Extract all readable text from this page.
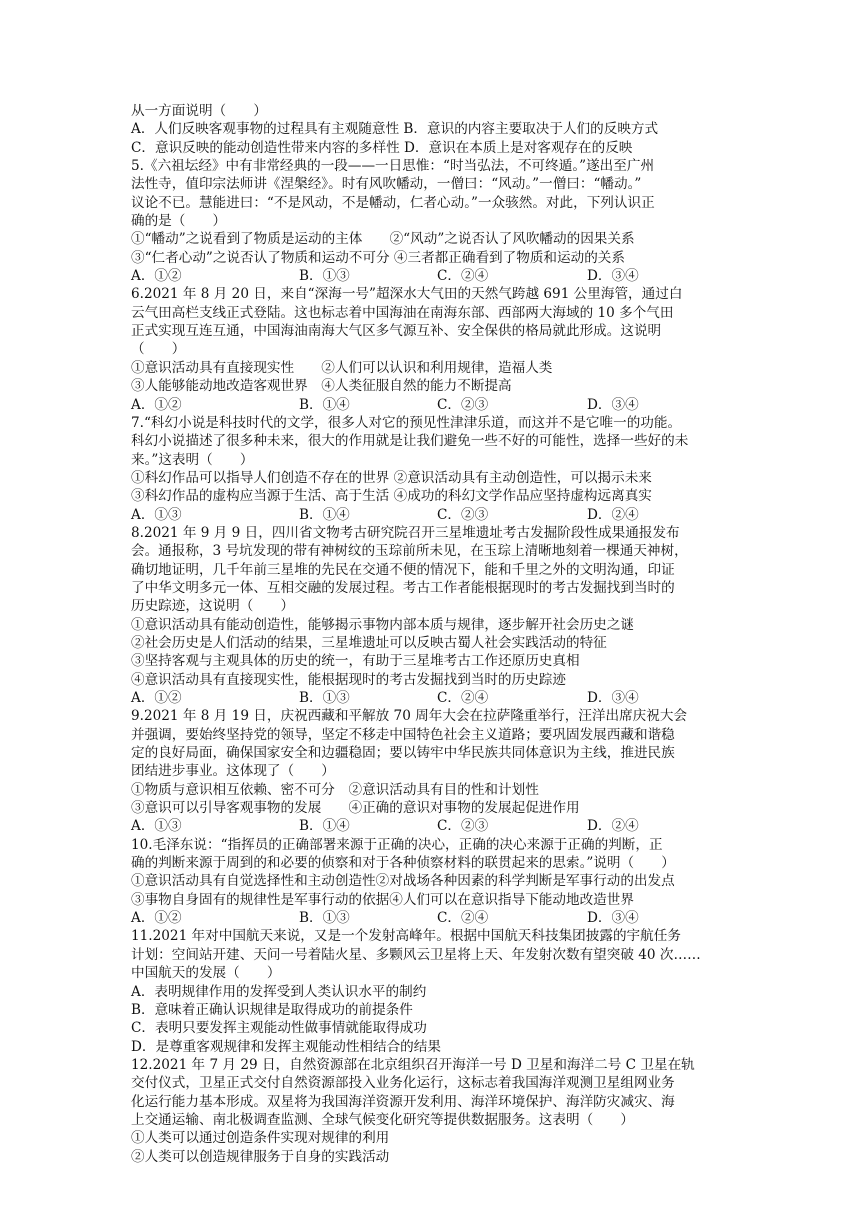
从一方面说明（　　）
A．人们反映客观事物的过程具有主观随意性 B．意识的内容主要取决于人们的反映方式
C．意识反映的能动创造性带来内容的多样性 D．意识在本质上是对客观存在的反映
5.《六祖坛经》中有非常经典的一段——一日思惟：“时当弘法，不可终遁。”遂出至广州
法性寺，值印宗法师讲《涅槃经》。时有风吹幡动，一僧曰：“风动。”一僧曰：“幡动。”
议论不已。慧能进曰：“不是风动，不是幡动，仁者心动。”一众骇然。对此，下列认识正
确的是（　　）
①“幡动”之说看到了物质是运动的主体　　②“风动”之说否认了风吹幡动的因果关系
③“仁者心动”之说否认了物质和运动不可分 ④三者都正确看到了物质和运动的关系
A．①②	B．①③	C．②④	D．③④
6.2021 年 8 月 20 日，来自“深海一号”超深水大气田的天然气跨越 691 公里海管，通过白
云气田高栏支线正式登陆。这也标志着中国海油在南海东部、西部两大海域的 10 多个气田
正式实现互连互通，中国海油南海大气区多气源互补、安全保供的格局就此形成。这说明
（　　）
①意识活动具有直接现实性　　②人们可以认识和利用规律，造福人类
③人能够能动地改造客观世界　④人类征服自然的能力不断提高
A．①②	B．①④	C．②③	D．③④
7.“科幻小说是科技时代的文学，很多人对它的预见性津津乐道，而这并不是它唯一的功能。
科幻小说描述了很多种未来，很大的作用就是让我们避免一些不好的可能性，选择一些好的未
来。”这表明（　　）
①科幻作品可以指导人们创造不存在的世界 ②意识活动具有主动创造性，可以揭示未来
③科幻作品的虚构应当源于生活、高于生活 ④成功的科幻文学作品应坚持虚构远离真实
A．①③	B．①④	C．②③	D．②④
8.2021 年 9 月 9 日，四川省文物考古研究院召开三星堆遗址考古发掘阶段性成果通报发布
会。通报称，3 号坑发现的带有神树纹的玉琮前所未见，在玉琮上清晰地刻着一棵通天神树，
确切地证明，几千年前三星堆的先民在交通不便的情况下，能和千里之外的文明沟通，印证
了中华文明多元一体、互相交融的发展过程。考古工作者能根据现时的考古发掘找到当时的
历史踪迹，这说明（　　）
①意识活动具有能动创造性，能够揭示事物内部本质与规律，逐步解开社会历史之谜
②社会历史是人们活动的结果，三星堆遗址可以反映古蜀人社会实践活动的特征
③坚持客观与主观具体的历史的统一，有助于三星堆考古工作还原历史真相
④意识活动具有直接现实性，能根据现时的考古发掘找到当时的历史踪迹
A．①②	B．①③	C．②④	D．③④
9.2021 年 8 月 19 日，庆祝西藏和平解放 70 周年大会在拉萨隆重举行，汪洋出席庆祝大会
并强调，要始终坚持党的领导，坚定不移走中国特色社会主义道路；要巩固发展西藏和谐稳
定的良好局面，确保国家安全和边疆稳固；要以铸牢中华民族共同体意识为主线，推进民族
团结进步事业。这体现了（　　）
①物质与意识相互依赖、密不可分　②意识活动具有目的性和计划性
③意识可以引导客观事物的发展　　④正确的意识对事物的发展起促进作用
A．①③	B．①④	C．②③	D．②④
10.毛泽东说：“指挥员的正确部署来源于正确的决心，正确的决心来源于正确的判断，正
确的判断来源于周到的和必要的侦察和对于各种侦察材料的联贯起来的思索。”说明（　　）
①意识活动具有自觉选择性和主动创造性②对战场各种因素的科学判断是军事行动的出发点
③事物自身固有的规律性是军事行动的依据④人们可以在意识指导下能动地改造世界
A．①②	B．①③	C．②④	D．③④
11.2021 年对中国航天来说，又是一个发射高峰年。根据中国航天科技集团披露的宇航任务
计划：空间站开建、天问一号着陆火星、多颗风云卫星将上天、年发射次数有望突破 40 次……
中国航天的发展（　　）
A．表明规律作用的发挥受到人类认识水平的制约
B．意味着正确认识规律是取得成功的前提条件
C．表明只要发挥主观能动性做事情就能取得成功
D．是尊重客观规律和发挥主观能动性相结合的结果
12.2021 年 7 月 29 日，自然资源部在北京组织召开海洋一号 D 卫星和海洋二号 C 卫星在轨
交付仪式，卫星正式交付自然资源部投入业务化运行，这标志着我国海洋观测卫星组网业务
化运行能力基本形成。双星将为我国海洋资源开发利用、海洋环境保护、海洋防灾减灾、海
上交通运输、南北极调查监测、全球气候变化研究等提供数据服务。这表明（　　）
①人类可以通过创造条件实现对规律的利用
②人类可以创造规律服务于自身的实践活动
